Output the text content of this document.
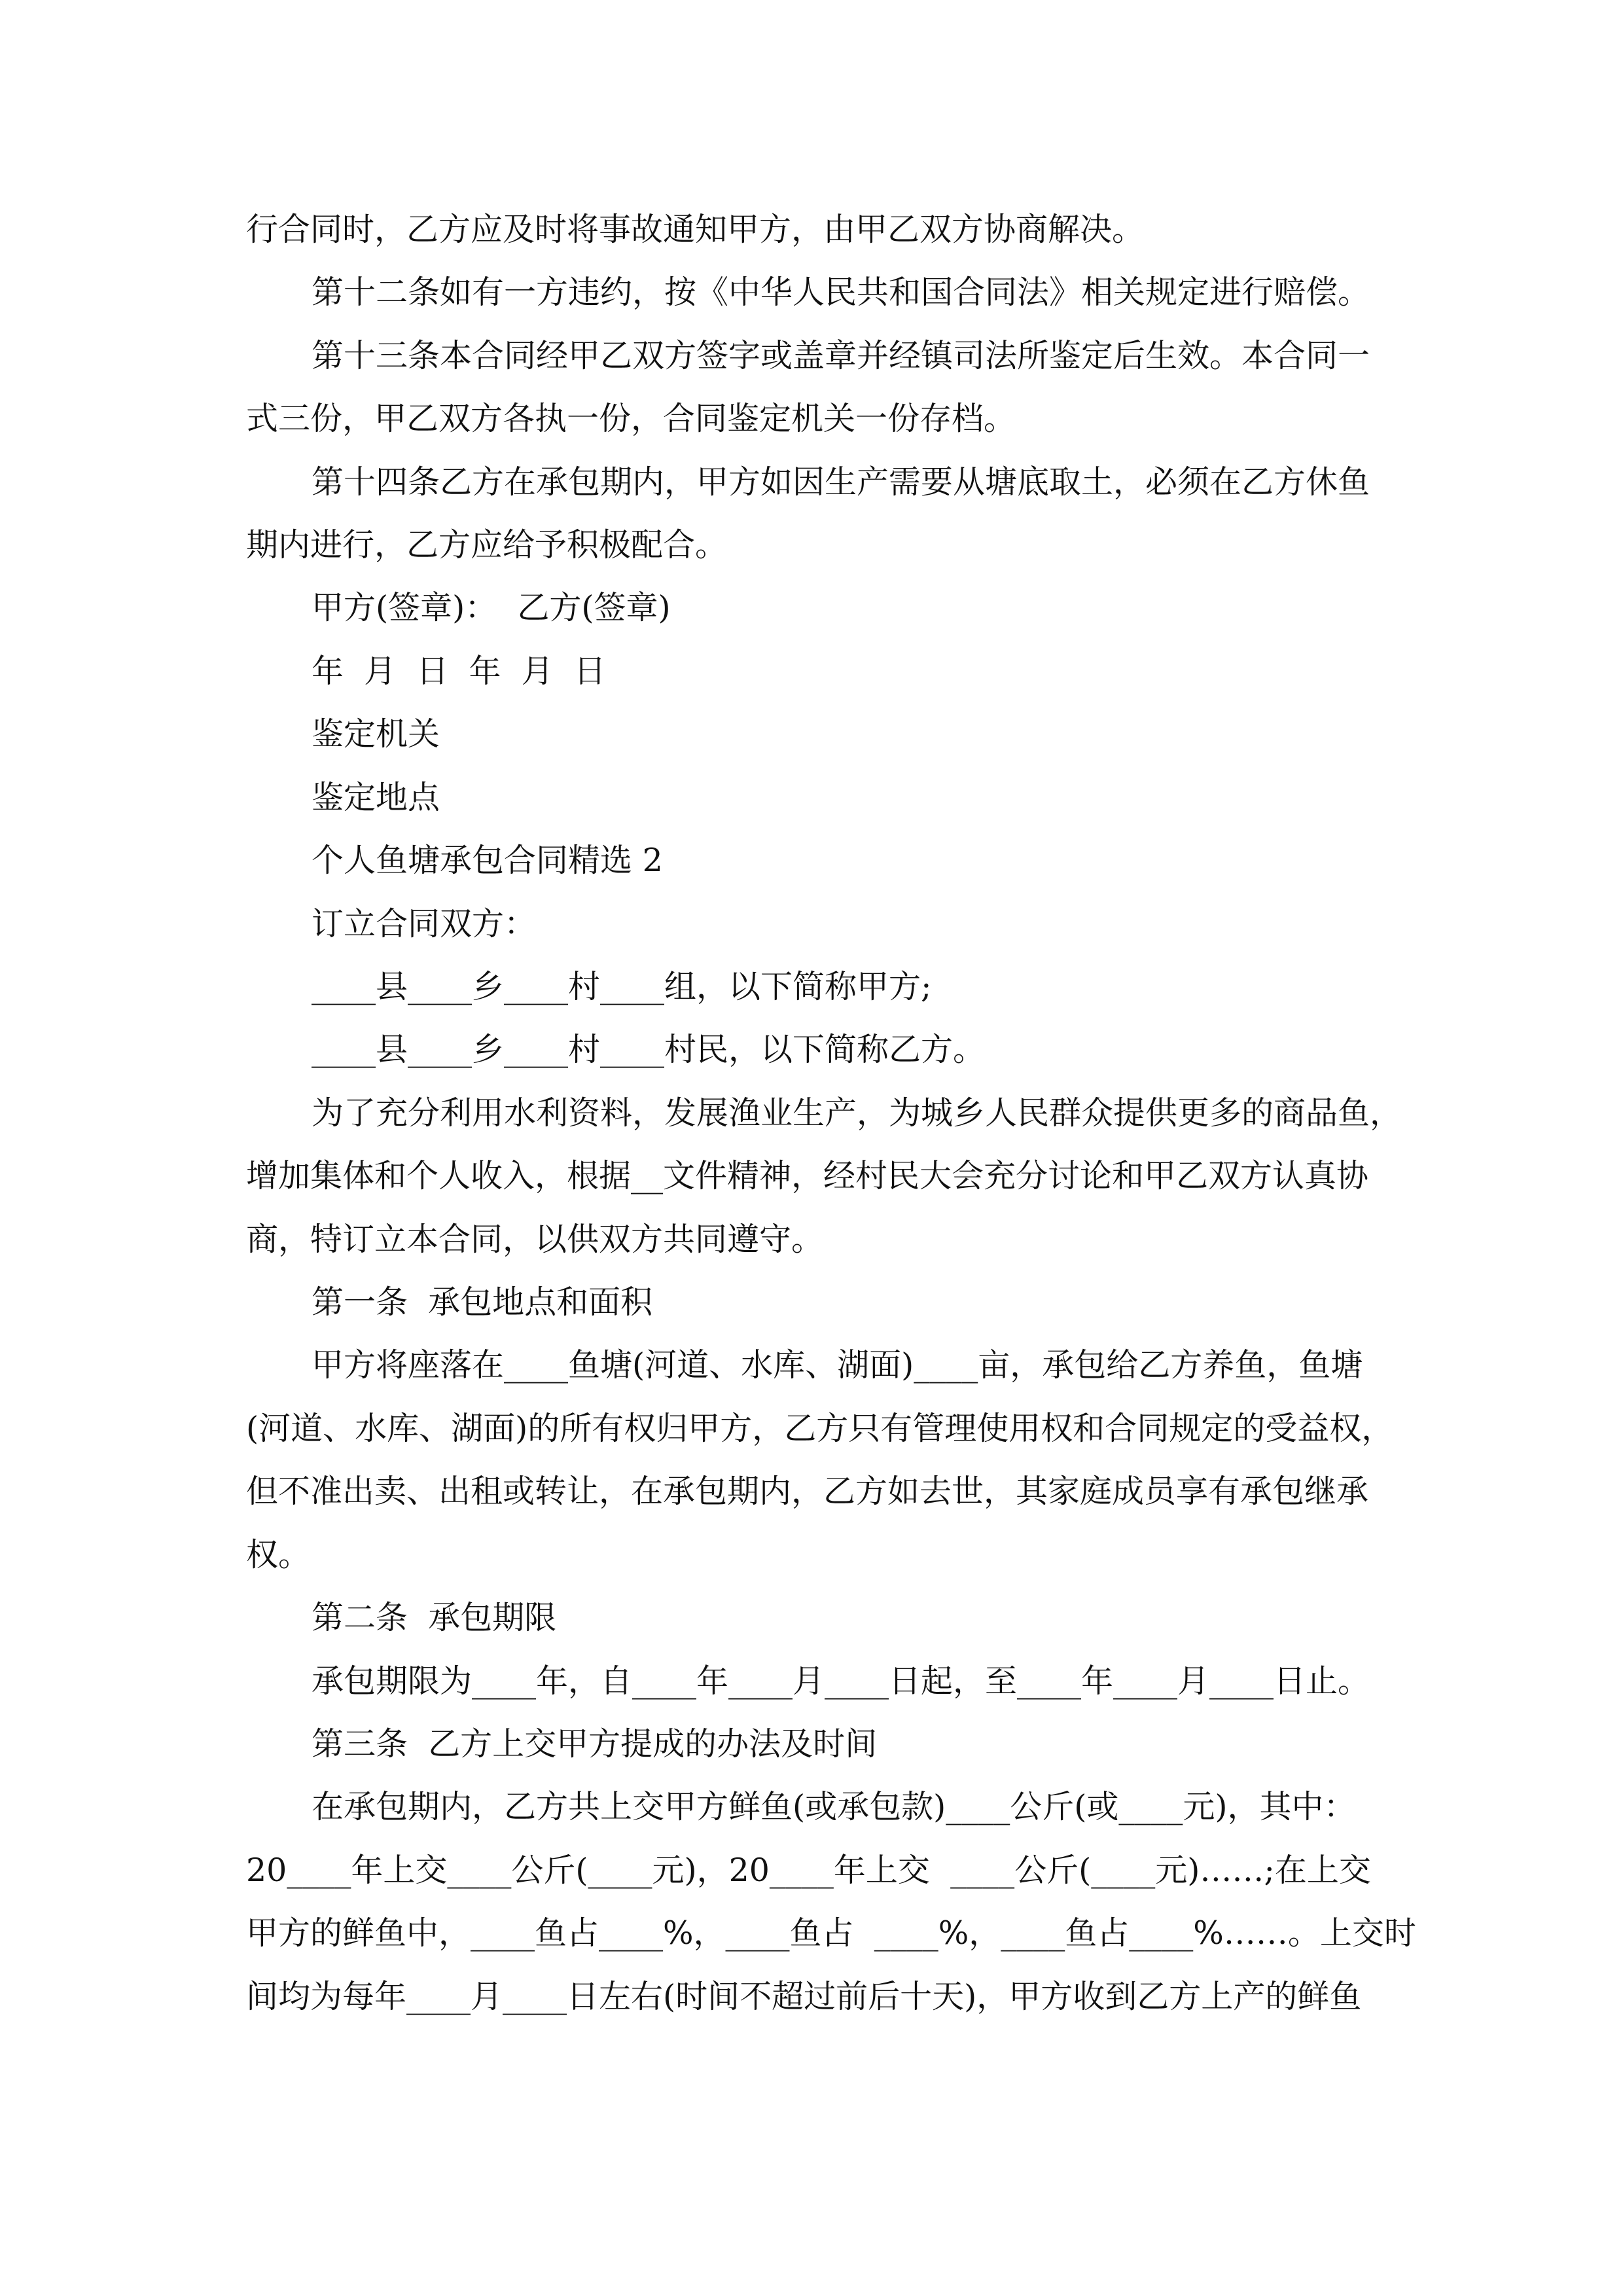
行合同时，乙方应及时将事故通知甲方，由甲乙双方协商解决。
第十二条如有一方违约，按《中华人民共和国合同法》相关规定进行赔偿。
第十三条本合同经甲乙双方签字或盖章并经镇司法所鉴定后生效。本合同一
式三份，甲乙双方各执一份，合同鉴定机关一份存档。
第十四条乙方在承包期内，甲方如因生产需要从塘底取土，必须在乙方休鱼
期内进行，乙方应给予积极配合。
甲方(签章)：  乙方(签章)
年  月  日  年  月  日
鉴定机关
鉴定地点
个人鱼塘承包合同精选 2
订立合同双方：
____县____乡____村____组，以下简称甲方;
____县____乡____村____村民，以下简称乙方。
为了充分利用水利资料，发展渔业生产，为城乡人民群众提供更多的商品鱼，
增加集体和个人收入，根据__文件精神，经村民大会充分讨论和甲乙双方认真协
商，特订立本合同，以供双方共同遵守。
第一条  承包地点和面积
甲方将座落在____鱼塘(河道、水库、湖面)____亩，承包给乙方养鱼，鱼塘
(河道、水库、湖面)的所有权归甲方，乙方只有管理使用权和合同规定的受益权，
但不准出卖、出租或转让，在承包期内，乙方如去世，其家庭成员享有承包继承
权。
第二条  承包期限
承包期限为____年，自____年____月____日起，至____年____月____日止。
第三条  乙方上交甲方提成的办法及时间
在承包期内，乙方共上交甲方鲜鱼(或承包款)____公斤(或____元)，其中：
20____年上交____公斤(____元)，20____年上交  ____公斤(____元)……;在上交
甲方的鲜鱼中，____鱼占____%，____鱼占  ____%，____鱼占____%……。上交时
间均为每年____月____日左右(时间不超过前后十天)，甲方收到乙方上产的鲜鱼
